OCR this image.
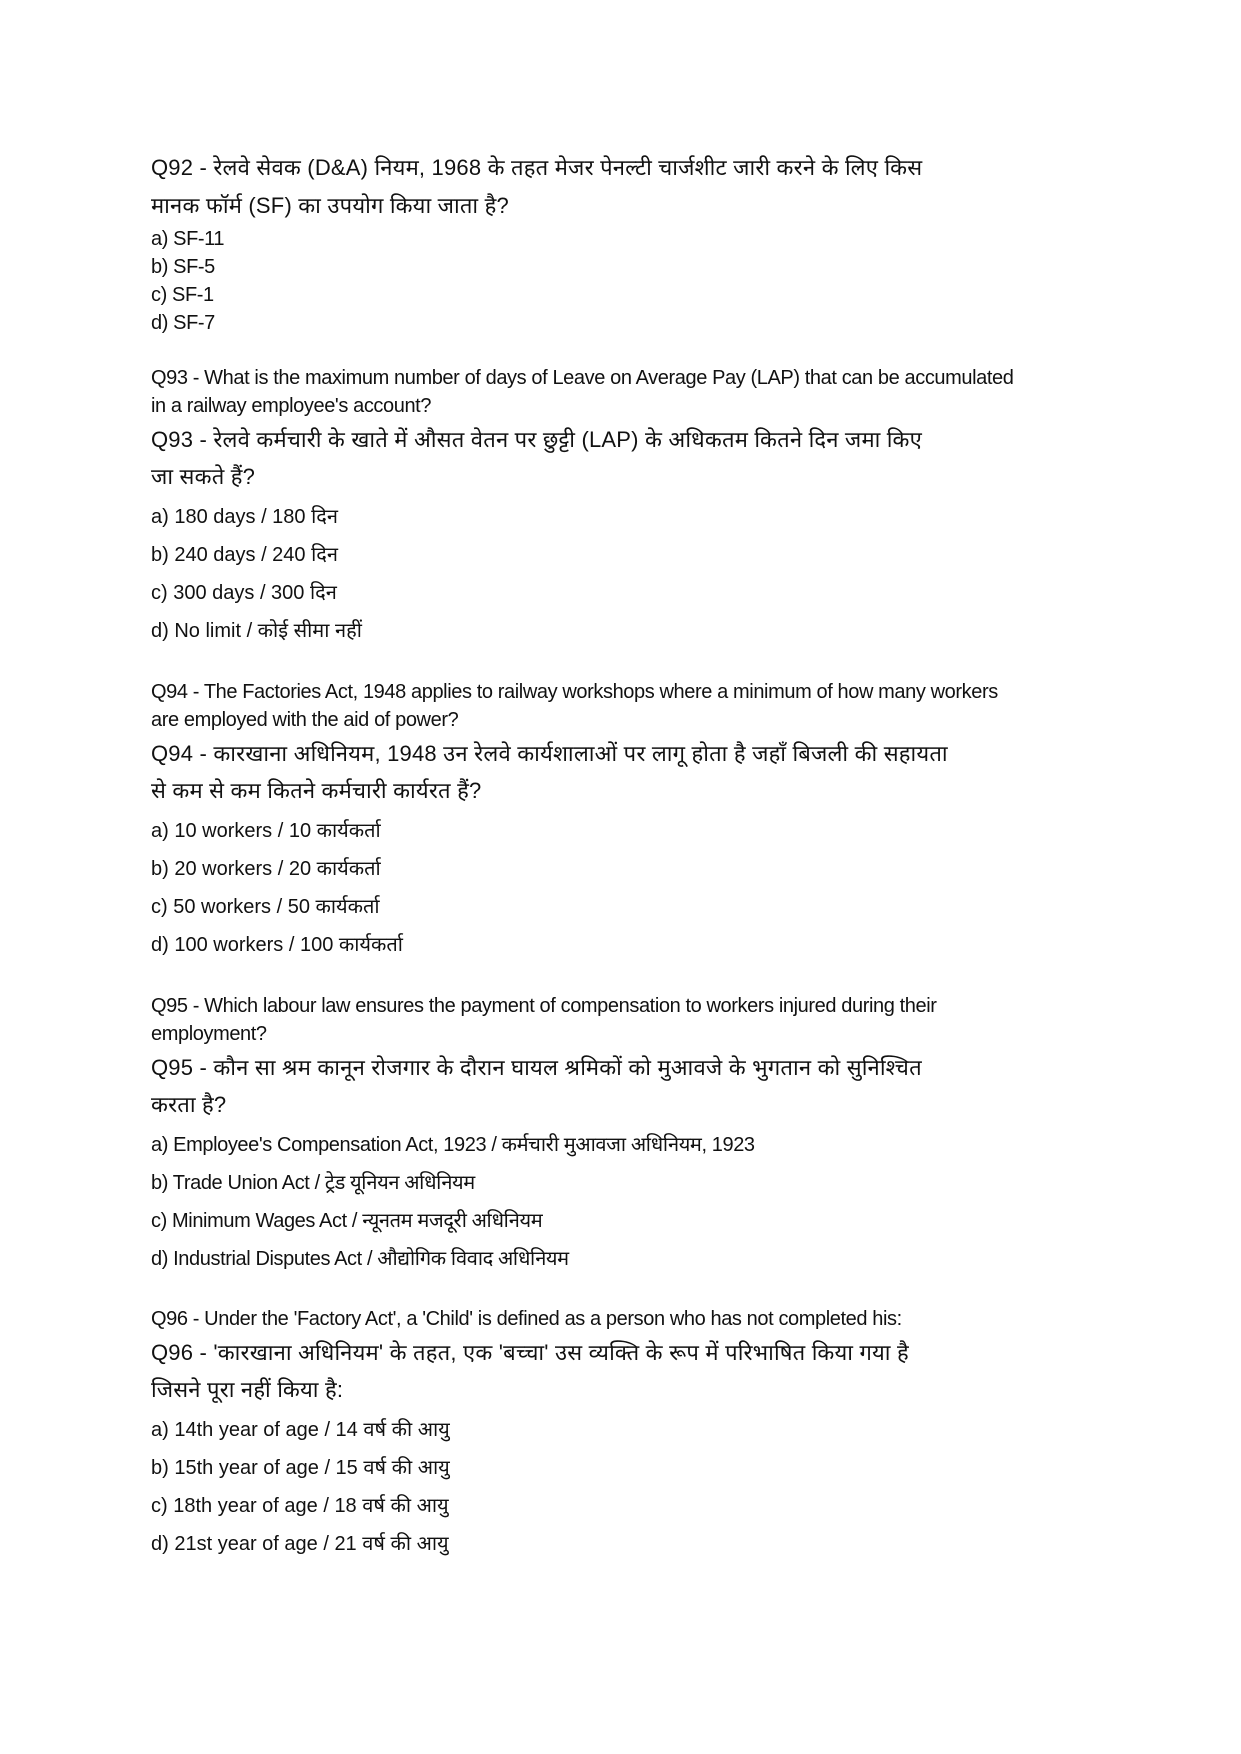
Q92 - रेलवे सेवक (D&A) नियम, 1968 के तहत मेजर पेनल्टी चार्जशीट जारी करने के लिए किस
मानक फॉर्म (SF) का उपयोग किया जाता है?
a) SF-11
b) SF-5
c) SF-1
d) SF-7
Q93 - What is the maximum number of days of Leave on Average Pay (LAP) that can be accumulated
in a railway employee's account?
Q93 - रेलवे कर्मचारी के खाते में औसत वेतन पर छुट्टी (LAP) के अधिकतम कितने दिन जमा किए
जा सकते हैं?
a) 180 days / 180 दिन
b) 240 days / 240 दिन
c) 300 days / 300 दिन
d) No limit / कोई सीमा नहीं
Q94 - The Factories Act, 1948 applies to railway workshops where a minimum of how many workers
are employed with the aid of power?
Q94 - कारखाना अधिनियम, 1948 उन रेलवे कार्यशालाओं पर लागू होता है जहाँ बिजली की सहायता
से कम से कम कितने कर्मचारी कार्यरत हैं?
a) 10 workers / 10 कार्यकर्ता
b) 20 workers / 20 कार्यकर्ता
c) 50 workers / 50 कार्यकर्ता
d) 100 workers / 100 कार्यकर्ता
Q95 - Which labour law ensures the payment of compensation to workers injured during their
employment?
Q95 - कौन सा श्रम कानून रोजगार के दौरान घायल श्रमिकों को मुआवजे के भुगतान को सुनिश्चित
करता है?
a) Employee's Compensation Act, 1923 / कर्मचारी मुआवजा अधिनियम, 1923
b) Trade Union Act / ट्रेड यूनियन अधिनियम
c) Minimum Wages Act / न्यूनतम मजदूरी अधिनियम
d) Industrial Disputes Act / औद्योगिक विवाद अधिनियम
Q96 - Under the 'Factory Act', a 'Child' is defined as a person who has not completed his:
Q96 - 'कारखाना अधिनियम' के तहत, एक 'बच्चा' उस व्यक्ति के रूप में परिभाषित किया गया है
जिसने पूरा नहीं किया है:
a) 14th year of age / 14 वर्ष की आयु
b) 15th year of age / 15 वर्ष की आयु
c) 18th year of age / 18 वर्ष की आयु
d) 21st year of age / 21 वर्ष की आयु
